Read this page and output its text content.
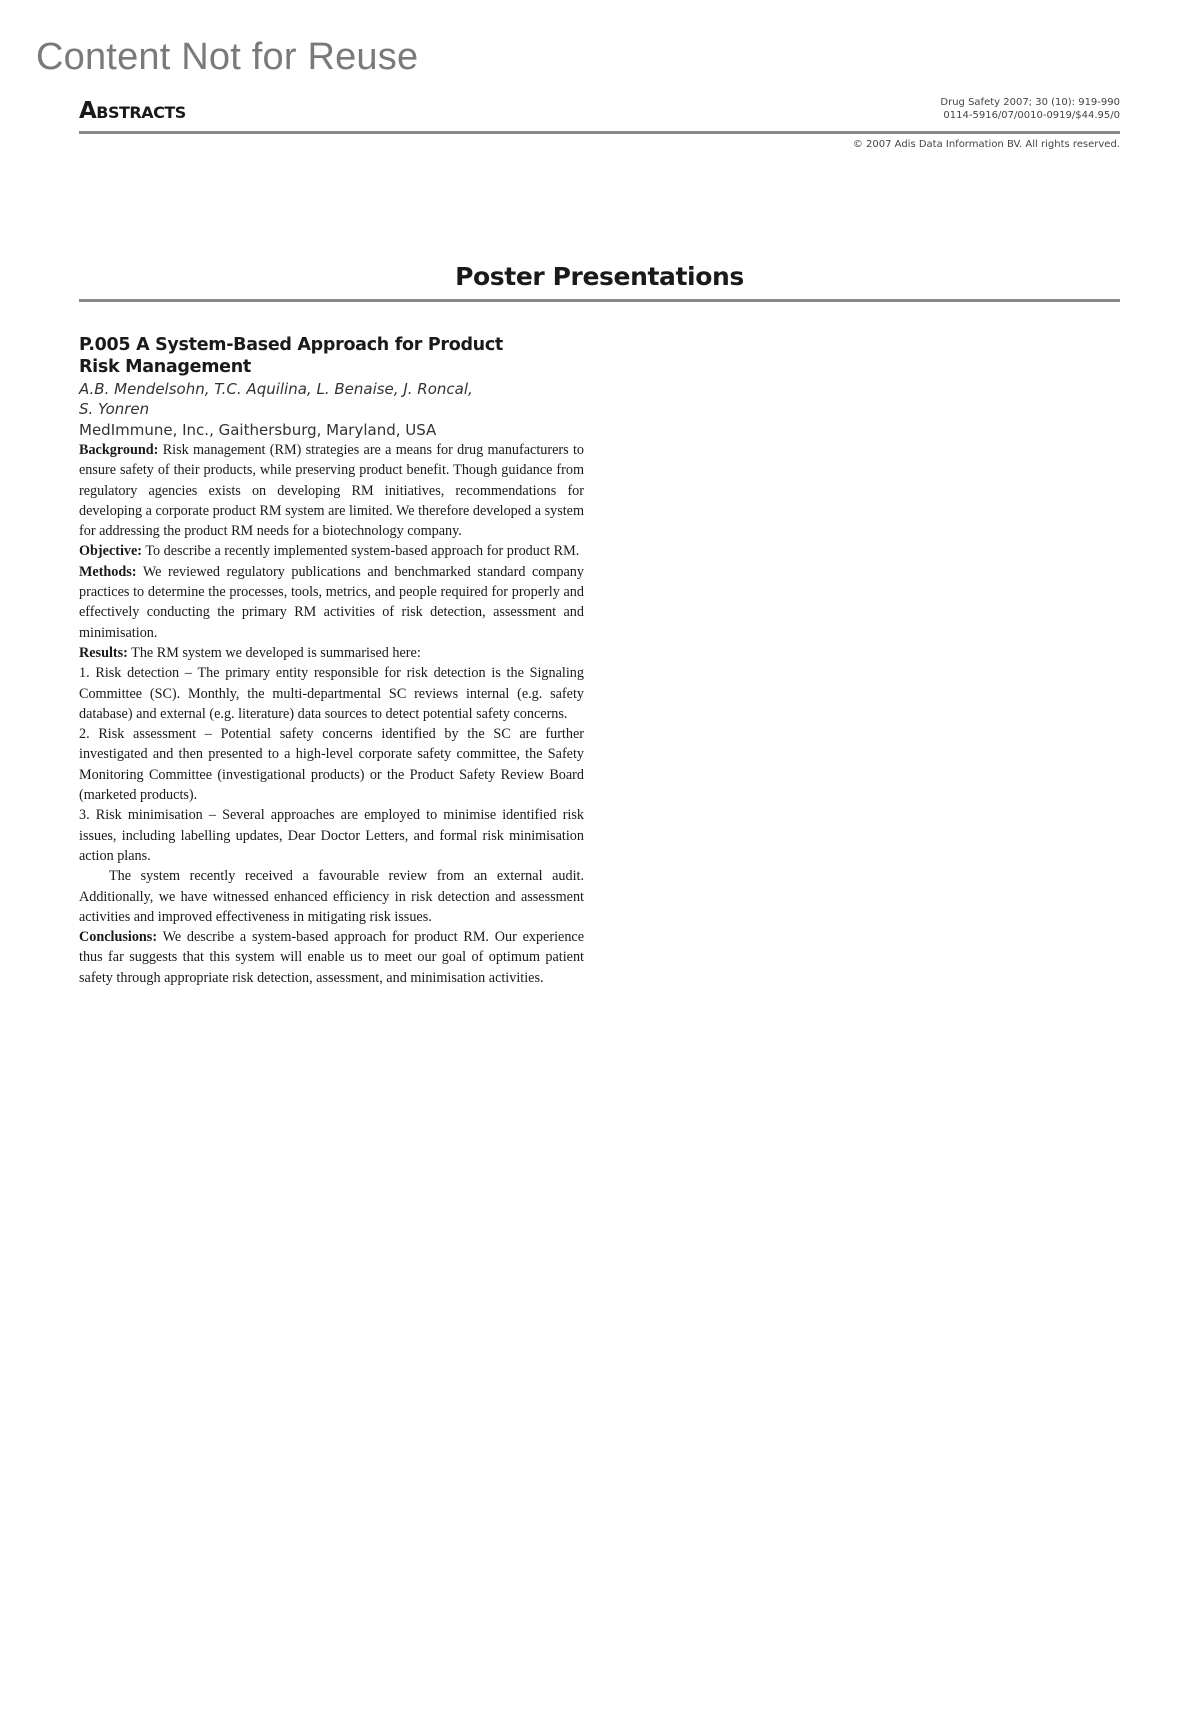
Content Not for Reuse
Abstracts	Drug Safety 2007; 30 (10): 919-990
0114-5916/07/0010-0919/$44.95/0
© 2007 Adis Data Information BV. All rights reserved.
Poster Presentations
P.005 A System-Based Approach for Product
Risk Management
A.B. Mendelsohn, T.C. Aquilina, L. Benaise, J. Roncal,
S. Yonren
MedImmune, Inc., Gaithersburg, Maryland, USA

Background: Risk management (RM) strategies are a means for drug manufacturers to ensure safety of their products, while preserving product benefit. Though guidance from regulatory agencies exists on developing RM initiatives, recommendations for developing a corporate product RM system are limited. We therefore developed a system for addressing the product RM needs for a biotechnology company.

Objective: To describe a recently implemented system-based approach for product RM.

Methods: We reviewed regulatory publications and benchmarked standard company practices to determine the processes, tools, metrics, and people required for properly and effectively conducting the primary RM activities of risk detection, assessment and minimisation.

Results: The RM system we developed is summarised here:

1. Risk detection – The primary entity responsible for risk detection is the Signaling Committee (SC). Monthly, the multi-departmental SC reviews internal (e.g. safety database) and external (e.g. literature) data sources to detect potential safety concerns.

2. Risk assessment – Potential safety concerns identified by the SC are further investigated and then presented to a high-level corporate safety committee, the Safety Monitoring Committee (investigational products) or the Product Safety Review Board (marketed products).

3. Risk minimisation – Several approaches are employed to minimise identified risk issues, including labelling updates, Dear Doctor Letters, and formal risk minimisation action plans.

The system recently received a favourable review from an external audit. Additionally, we have witnessed enhanced efficiency in risk detection and assessment activities and improved effectiveness in mitigating risk issues.

Conclusions: We describe a system-based approach for product RM. Our experience thus far suggests that this system will enable us to meet our goal of optimum patient safety through appropriate risk detection, assessment, and minimisation activities.
